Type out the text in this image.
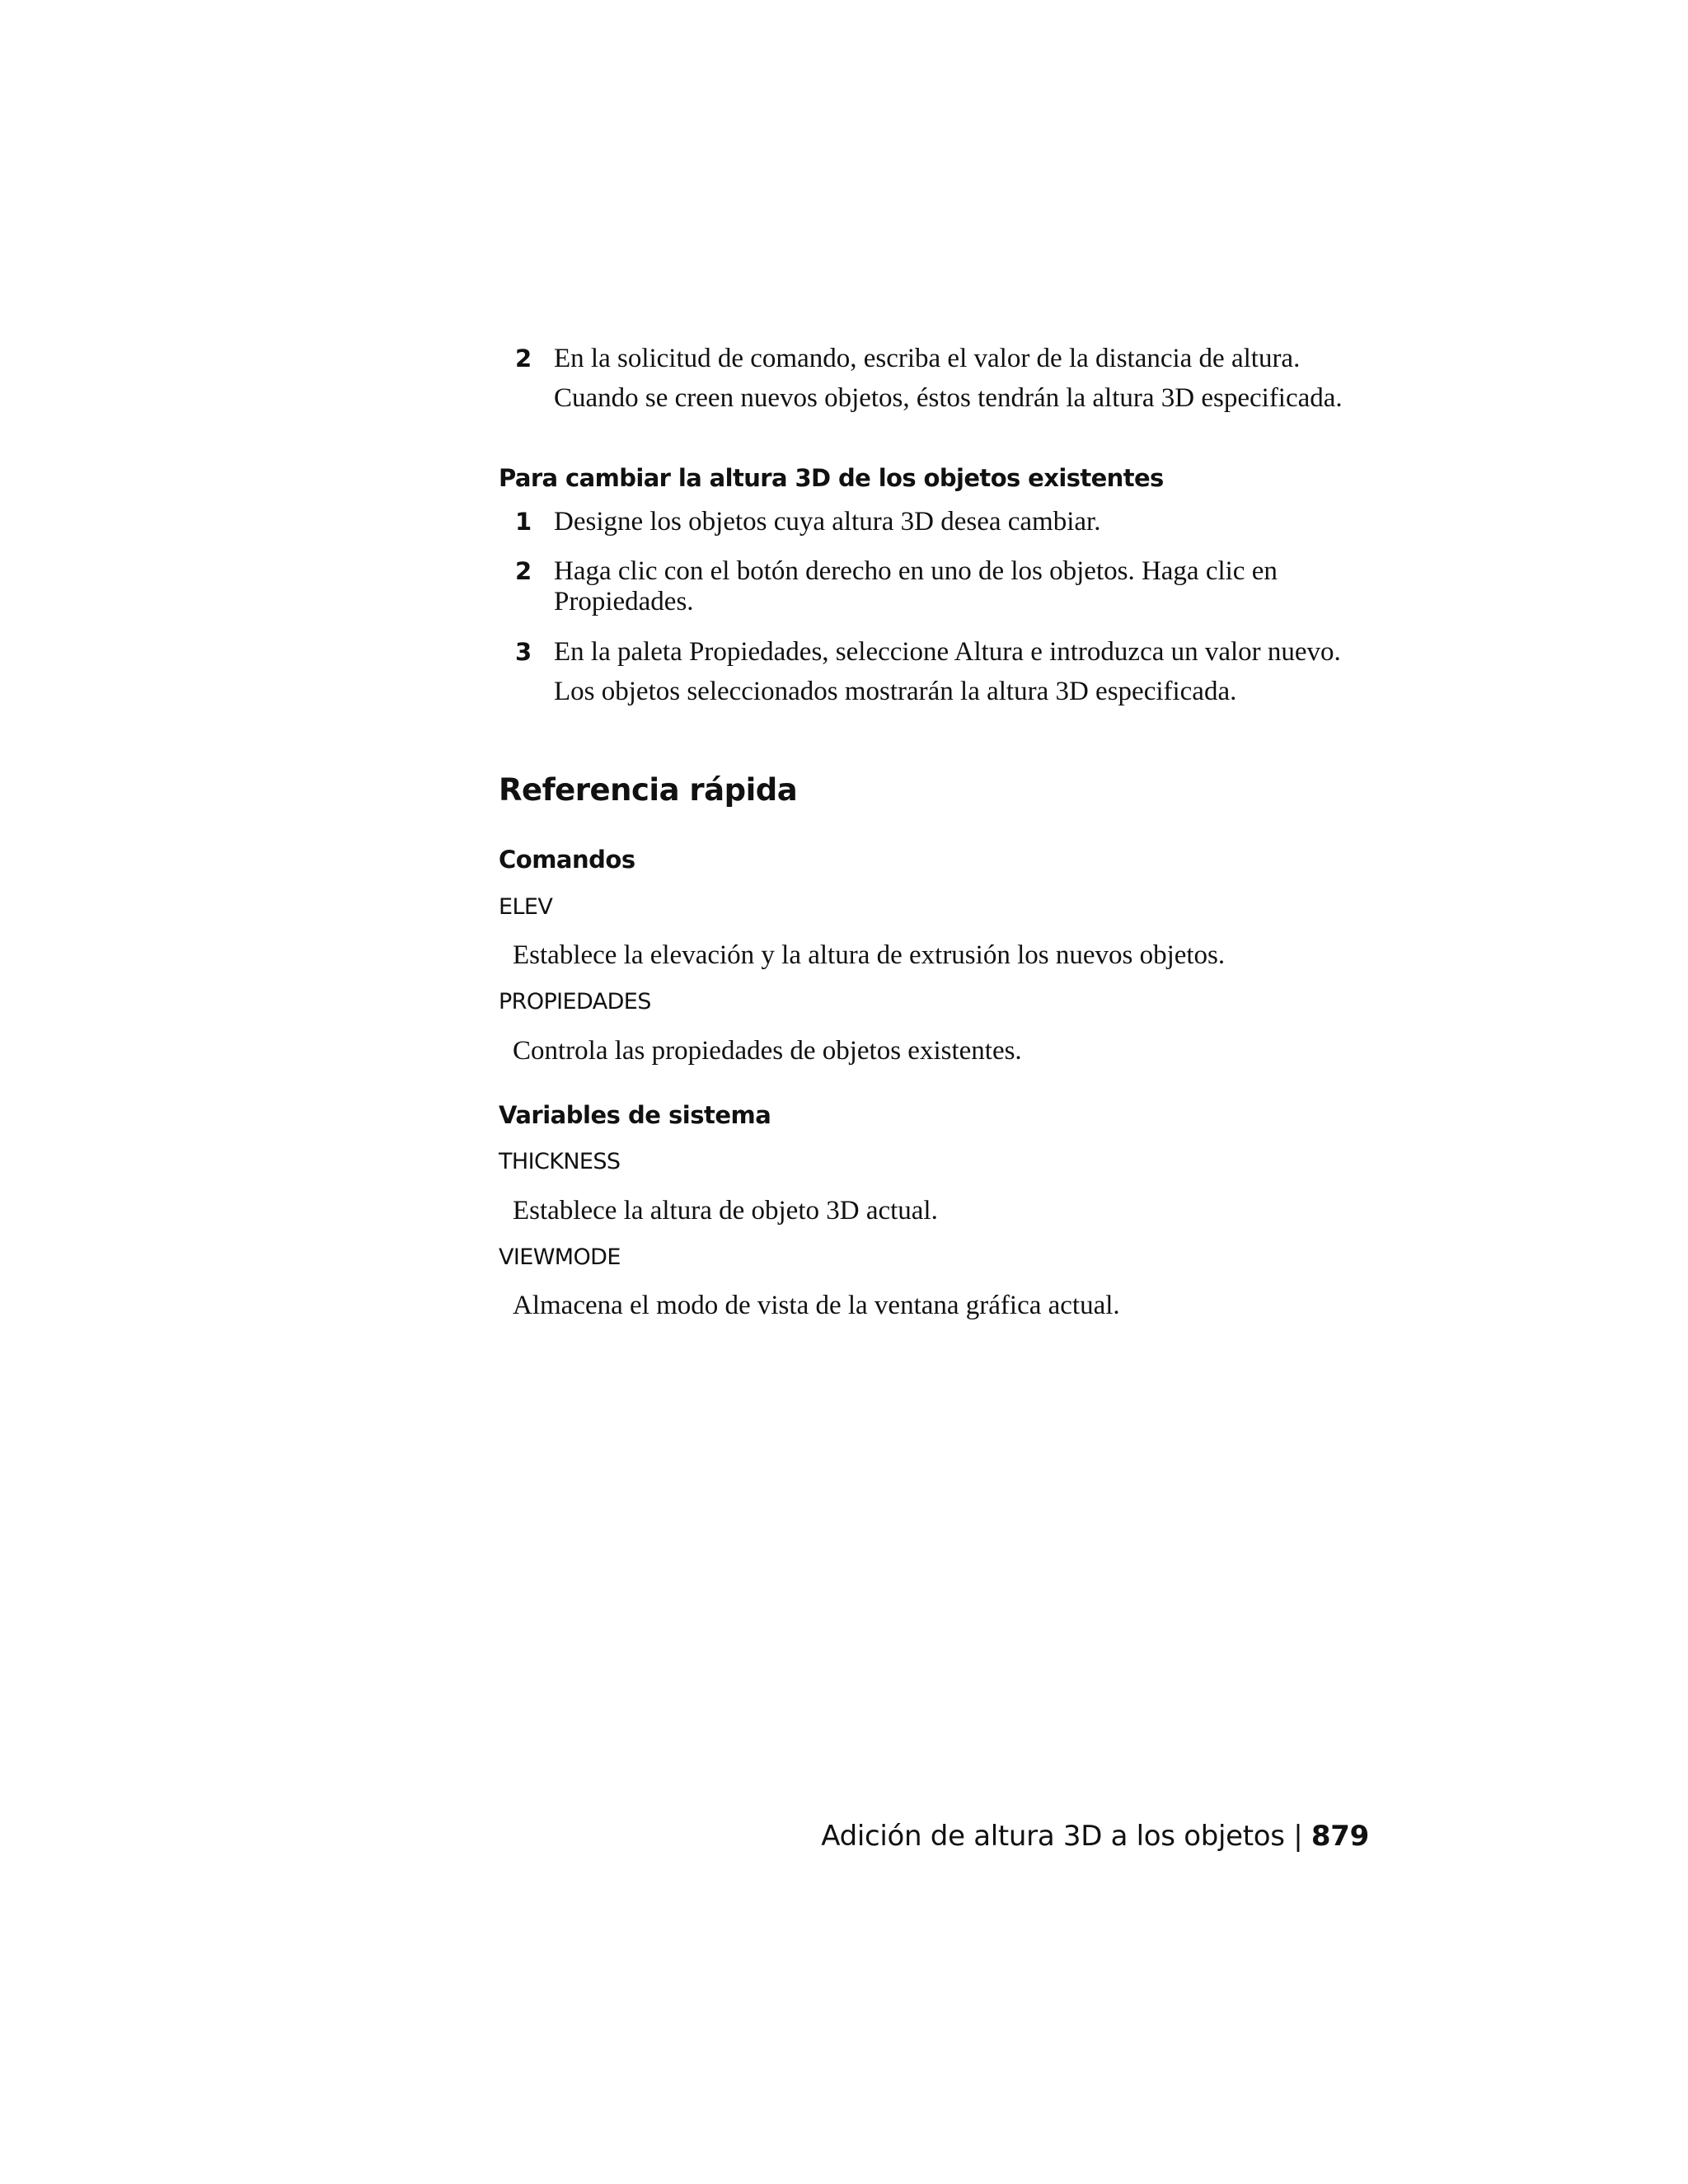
2 En la solicitud de comando, escriba el valor de la distancia de altura.
Cuando se creen nuevos objetos, éstos tendrán la altura 3D especificada.
Para cambiar la altura 3D de los objetos existentes
1 Designe los objetos cuya altura 3D desea cambiar.
2 Haga clic con el botón derecho en uno de los objetos. Haga clic en
Propiedades.
3 En la paleta Propiedades, seleccione Altura e introduzca un valor nuevo.
Los objetos seleccionados mostrarán la altura 3D especificada.
Referencia rápida
Comandos
ELEV
Establece la elevación y la altura de extrusión los nuevos objetos.
PROPIEDADES
Controla las propiedades de objetos existentes.
Variables de sistema
THICKNESS
Establece la altura de objeto 3D actual.
VIEWMODE
Almacena el modo de vista de la ventana gráfica actual.
Adición de altura 3D a los objetos | 879
